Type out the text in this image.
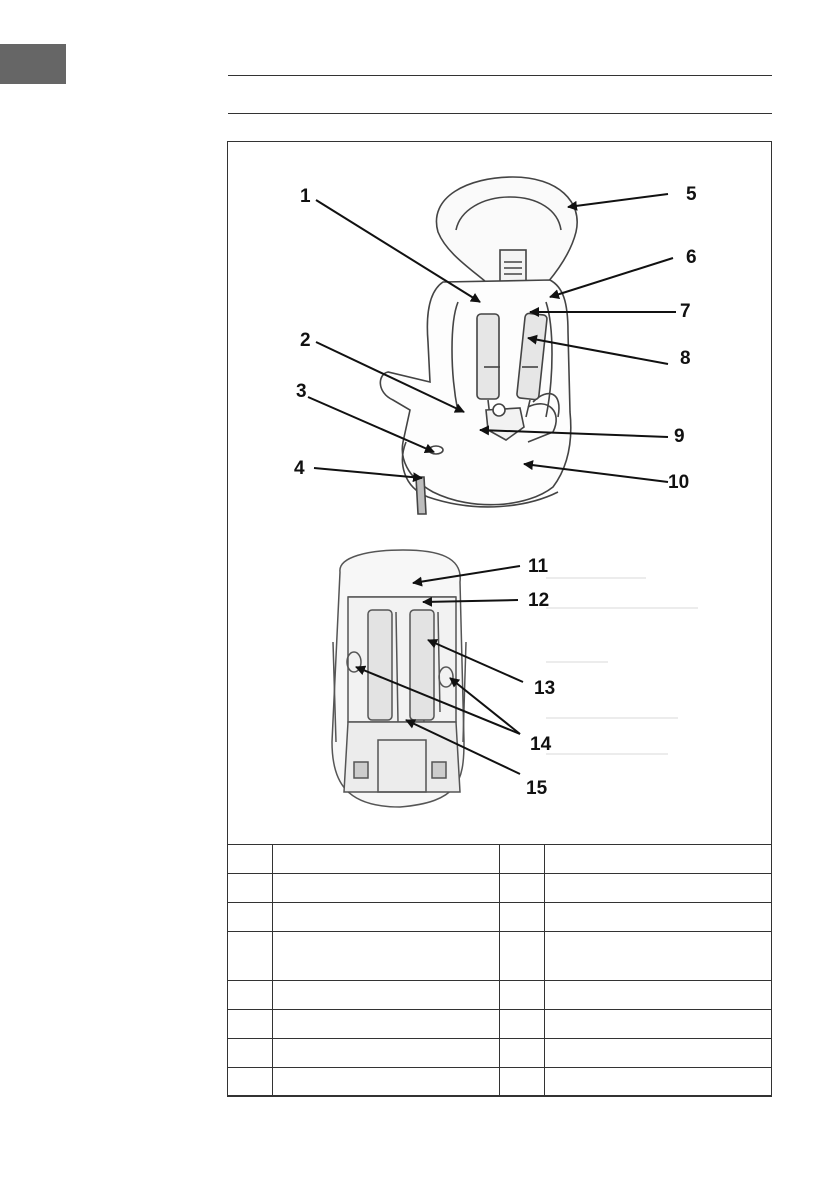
1
2
3
4
5
6
7
8
9
10
11
12
13
14
15
